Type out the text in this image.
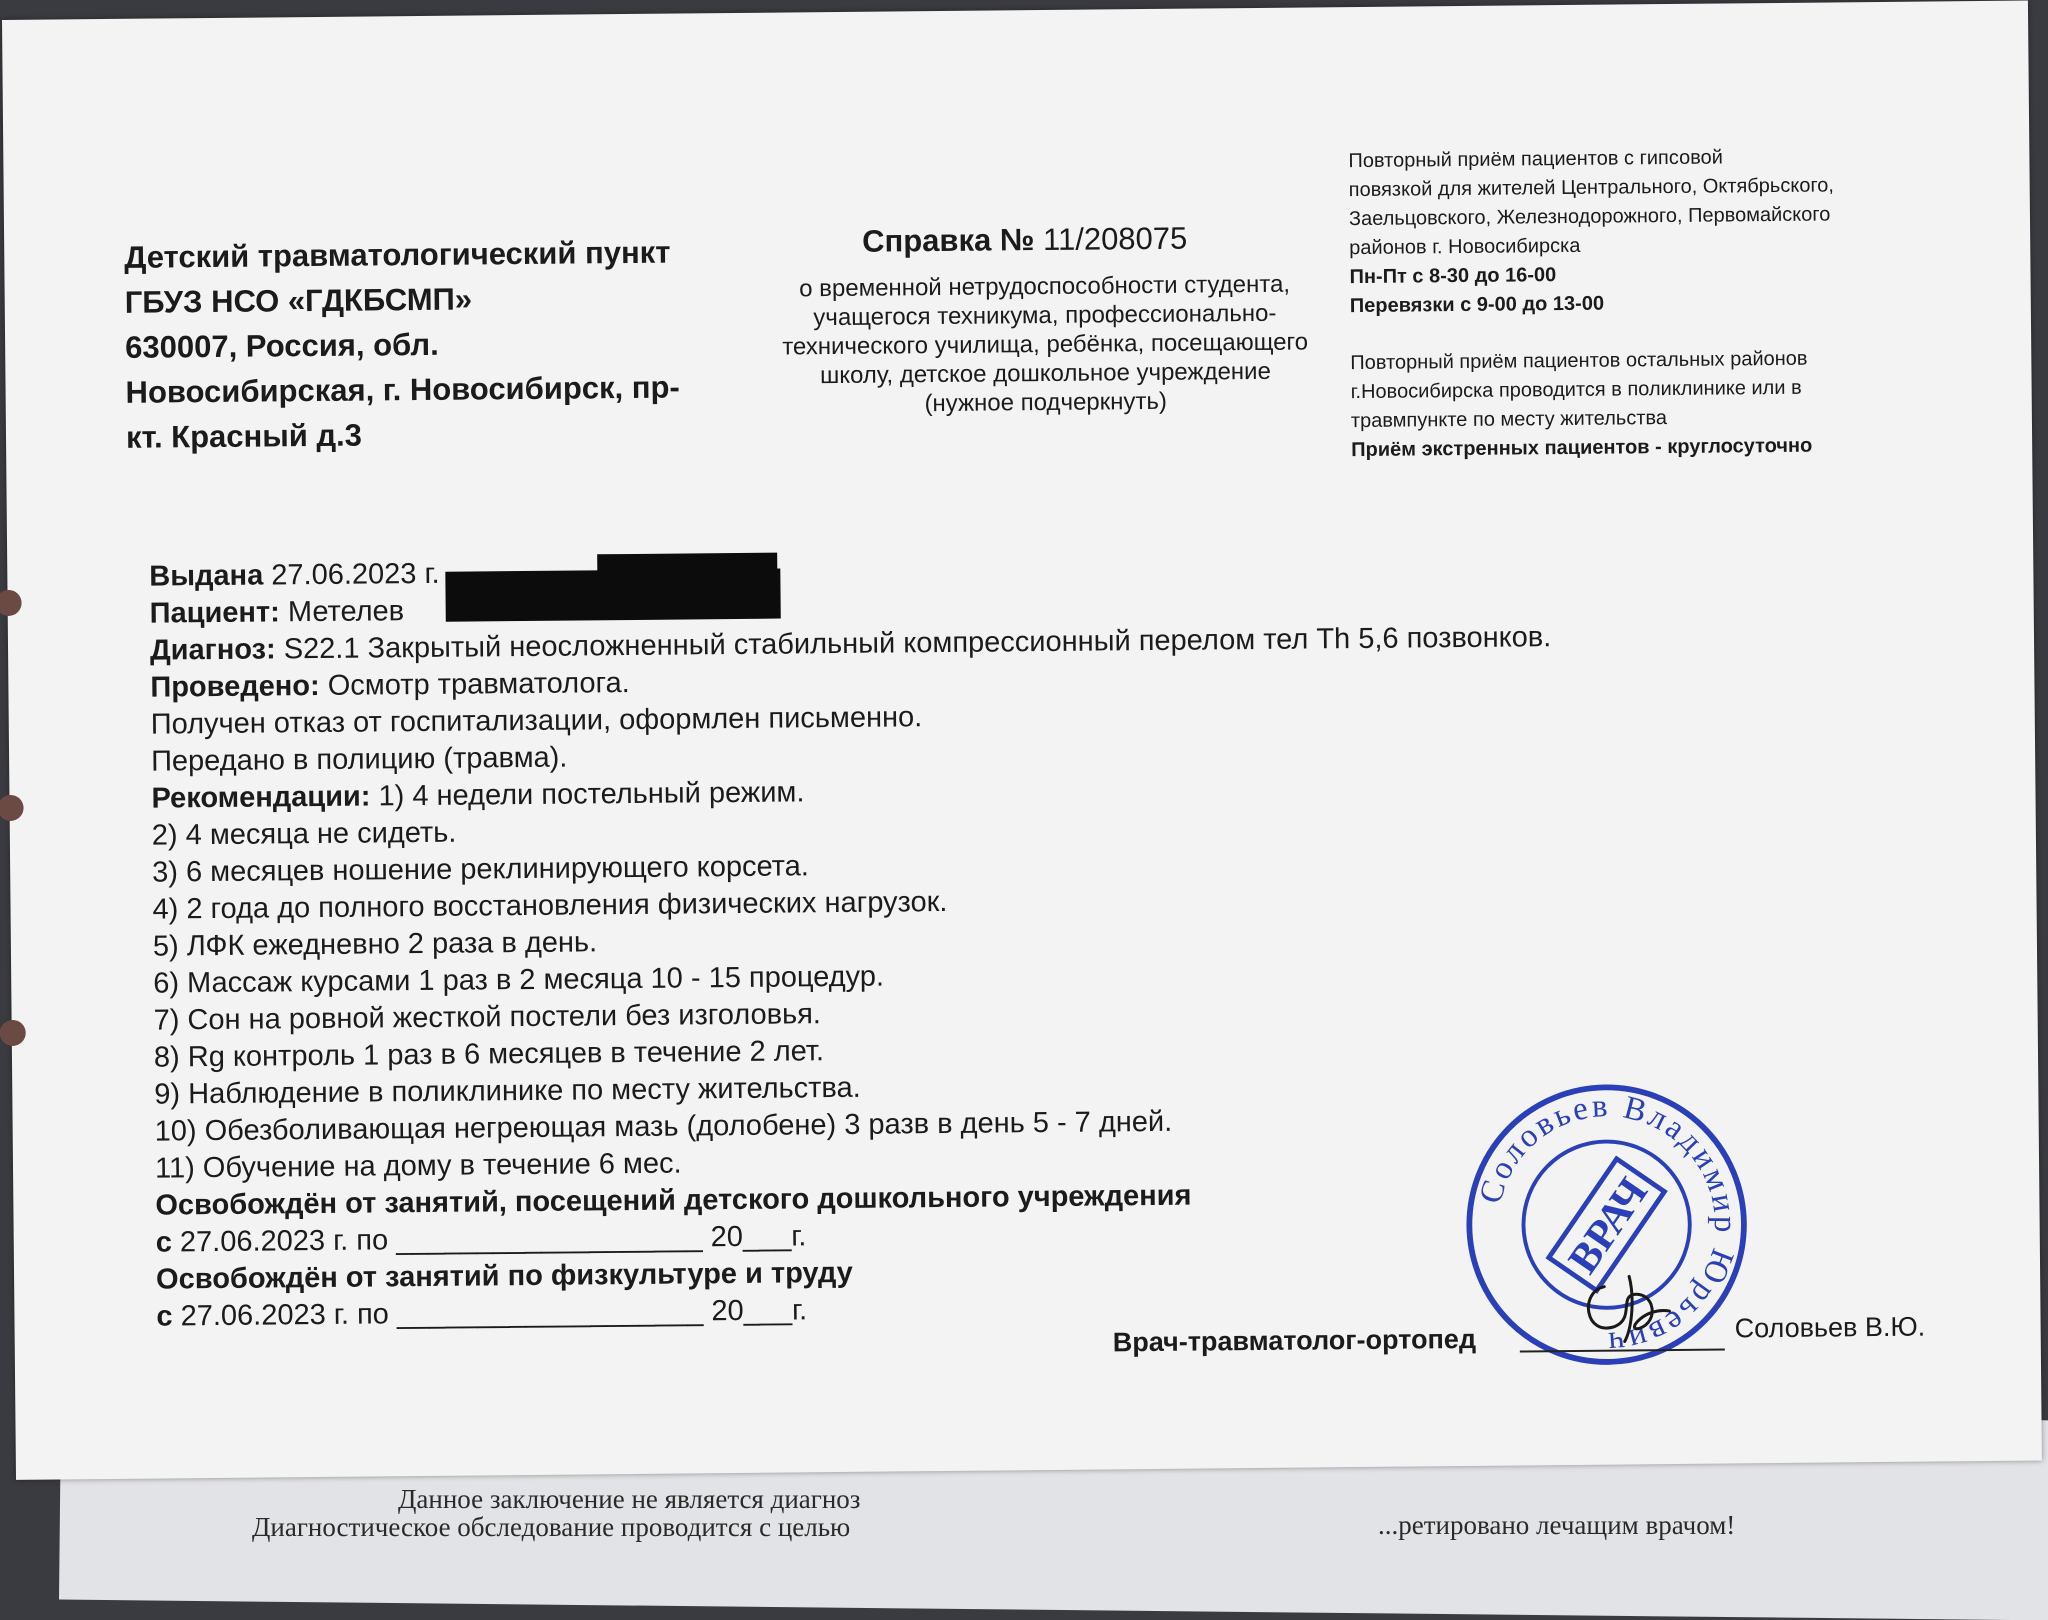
Данное заключение не является диагноз
Диагностическое обследование проводится с целью	...ретировано лечащим врачом!
Детский травматологический пункт
ГБУЗ НСО «ГДКБСМП»
630007, Россия, обл.
Новосибирская, г. Новосибирск, пр-
кт. Красный д.3
Справка № 11/208075
о временной нетрудоспособности студента,
учащегося техникума, профессионально-
технического училища, ребёнка, посещающего
школу, детское дошкольное учреждение
(нужное подчеркнуть)
Повторный приём пациентов с гипсовой
повязкой для жителей Центрального, Октябрьского,
Заельцовского, Железнодорожного, Первомайского
районов г. Новосибирска
Пн-Пт с 8-30 до 16-00
Перевязки с 9-00 до 13-00
Повторный приём пациентов остальных районов
г.Новосибирска проводится в поликлинике или в
травмпункте по месту жительства
Приём экстренных пациентов - круглосуточно
Выдана 27.06.2023 г.
Пациент: Метелев
Диагноз: S22.1 Закрытый неосложненный стабильный компрессионный перелом тел Th 5,6 позвонков.
Проведено: Осмотр травматолога.
Получен отказ от госпитализации, оформлен письменно.
Передано в полицию (травма).
Рекомендации: 1) 4 недели постельный режим.
2) 4 месяца не сидеть.
3) 6 месяцев ношение реклинирующего корсета.
4) 2 года до полного восстановления физических нагрузок.
5) ЛФК ежедневно 2 раза в день.
6) Массаж курсами 1 раз в 2 месяца 10 - 15 процедур.
7) Сон на ровной жесткой постели без изголовья.
8) Rg контроль 1 раз в 6 месяцев в течение 2 лет.
9) Наблюдение в поликлинике по месту жительства.
10) Обезболивающая негреющая мазь (долобене) 3 разв в день 5 - 7 дней.
11) Обучение на дому в течение 6 мес.
Освобождён от занятий, посещений детского дошкольного учреждения
с 27.06.2023 г. по ___________________ 20___г.
Освобождён от занятий по физкультуре и труду
с 27.06.2023 г. по ___________________ 20___г.
Соловьев Владимир Юрьевич
ВРАЧ
Врач-травматолог-ортопед	Соловьев В.Ю.
